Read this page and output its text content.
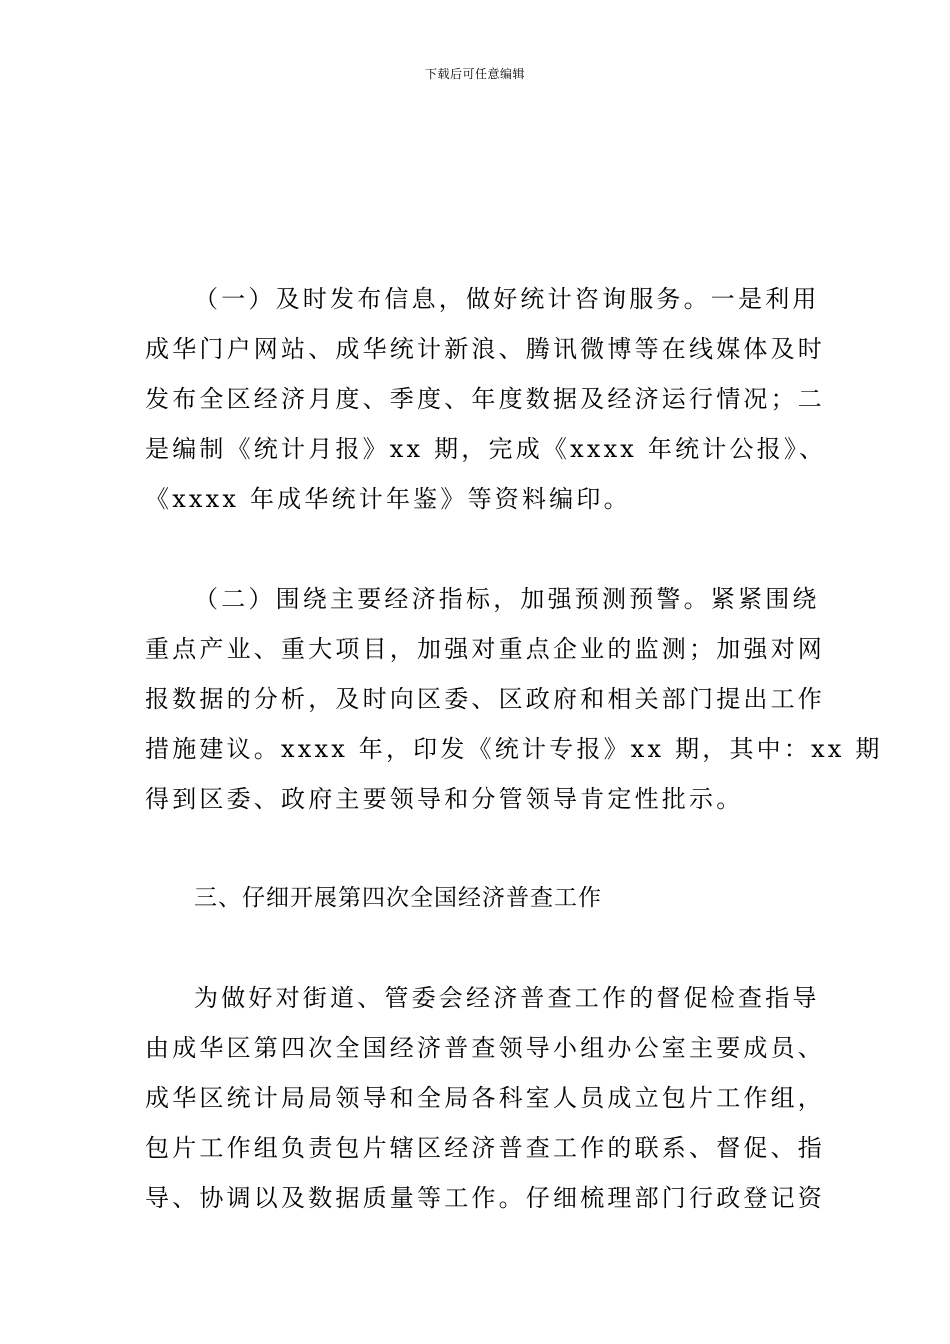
下载后可任意编辑
（一）及时发布信息，做好统计咨询服务。一是利用
成华门户网站、成华统计新浪、腾讯微博等在线媒体及时
发布全区经济月度、季度、年度数据及经济运行情况；二
是编制《统计月报》xx 期，完成《xxxx 年统计公报》、
《xxxx 年成华统计年鉴》等资料编印。
（二）围绕主要经济指标，加强预测预警。紧紧围绕
重点产业、重大项目，加强对重点企业的监测；加强对网
报数据的分析，及时向区委、区政府和相关部门提出工作
措施建议。xxxx 年，印发《统计专报》xx 期，其中：xx 期
得到区委、政府主要领导和分管领导肯定性批示。
三、仔细开展第四次全国经济普查工作
为做好对街道、管委会经济普查工作的督促检查指导
由成华区第四次全国经济普查领导小组办公室主要成员、
成华区统计局局领导和全局各科室人员成立包片工作组，
包片工作组负责包片辖区经济普查工作的联系、督促、指
导、协调以及数据质量等工作。仔细梳理部门行政登记资
